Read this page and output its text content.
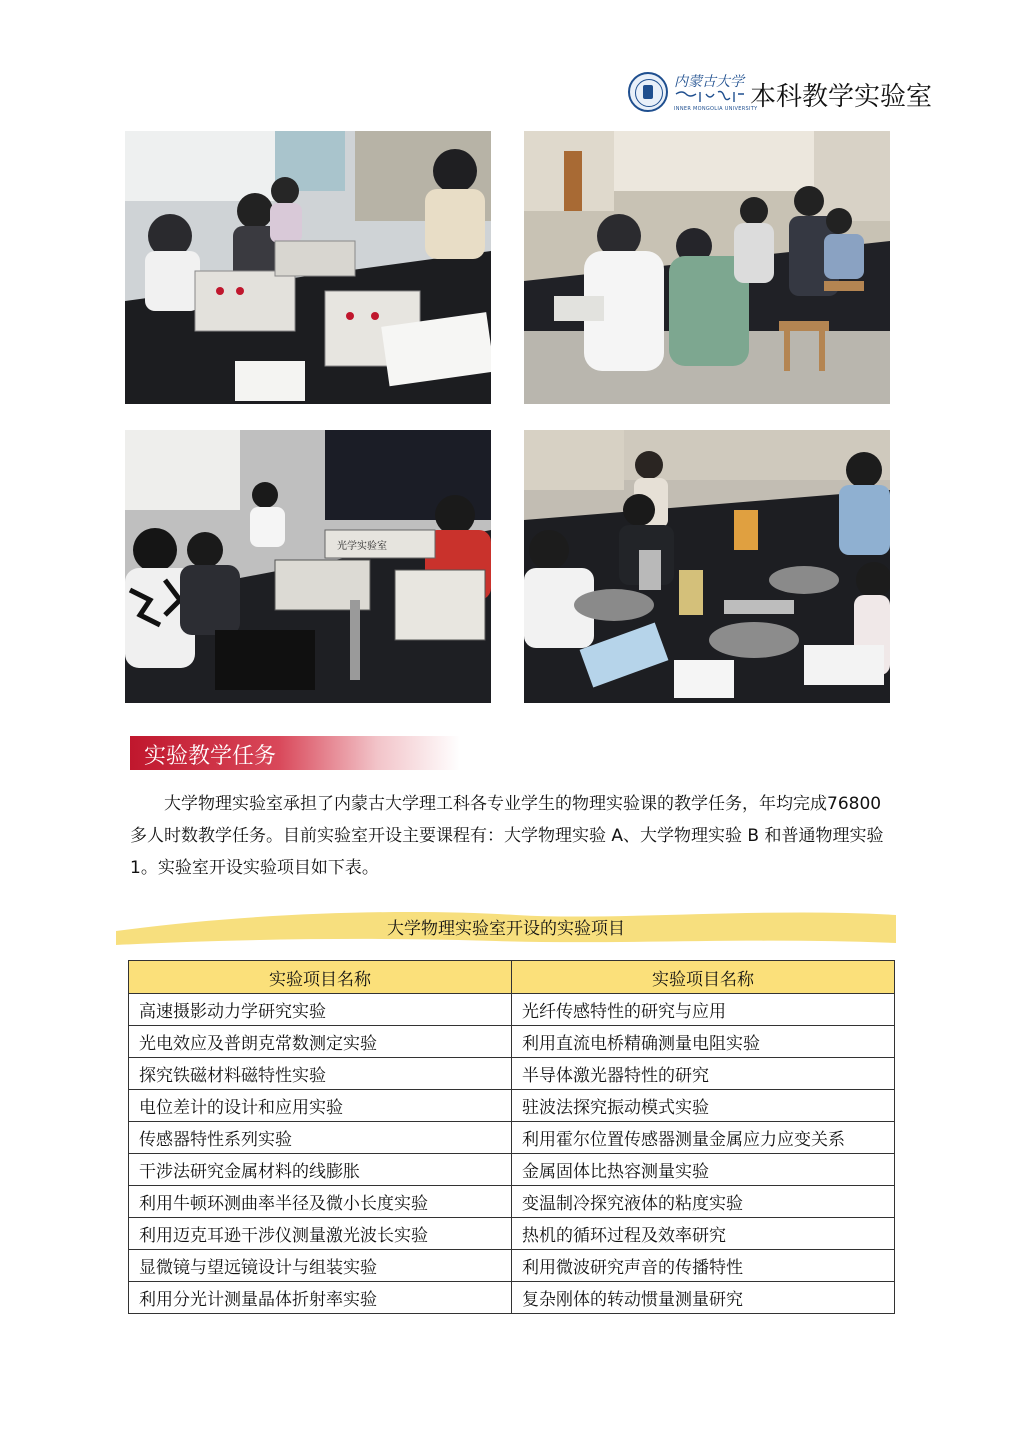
内蒙古大学
INNER MONGOLIA UNIVERSITY
本科教学实验室
光学实验室
实验教学任务

大学物理实验室承担了内蒙古大学理工科各专业学生的物理实验课的教学任务，年均完成76800 多人时数教学任务。目前实验室开设主要课程有：大学物理实验 A、大学物理实验 B 和普通物理实验 1。实验室开设实验项目如下表。

大学物理实验室开设的实验项目
实验项目名称	实验项目名称
高速摄影动力学研究实验	光纤传感特性的研究与应用
光电效应及普朗克常数测定实验	利用直流电桥精确测量电阻实验
探究铁磁材料磁特性实验	半导体激光器特性的研究
电位差计的设计和应用实验	驻波法探究振动模式实验
传感器特性系列实验	利用霍尔位置传感器测量金属应力应变关系
干涉法研究金属材料的线膨胀	金属固体比热容测量实验
利用牛顿环测曲率半径及微小长度实验	变温制冷探究液体的粘度实验
利用迈克耳逊干涉仪测量激光波长实验	热机的循环过程及效率研究
显微镜与望远镜设计与组装实验	利用微波研究声音的传播特性
利用分光计测量晶体折射率实验	复杂刚体的转动惯量测量研究
